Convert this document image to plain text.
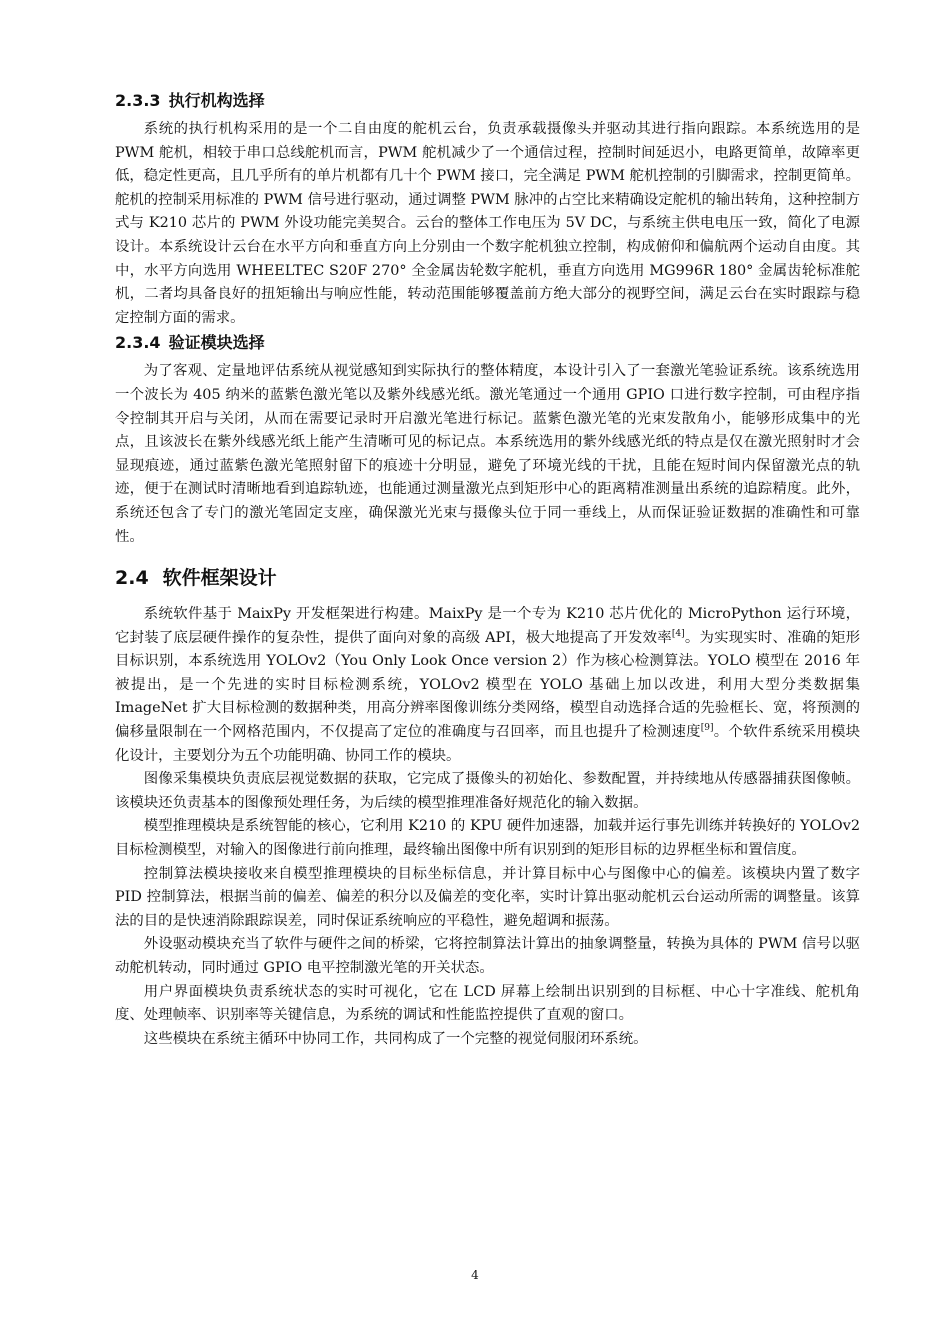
2.3.3 执行机构选择

系统的执行机构采用的是一个二自由度的舵机云台，负责承载摄像头并驱动其进行指向跟踪。本系统选用的是 PWM 舵机，相较于串口总线舵机而言，PWM 舵机减少了一个通信过程，控制时间延迟小，电路更简单，故障率更低，稳定性更高，且几乎所有的单片机都有几十个 PWM 接口，完全满足 PWM 舵机控制的引脚需求，控制更简单。舵机的控制采用标准的 PWM 信号进行驱动，通过调整 PWM 脉冲的占空比来精确设定舵机的输出转角，这种控制方式与 K210 芯片的 PWM 外设功能完美契合。云台的整体工作电压为 5V DC，与系统主供电电压一致，简化了电源设计。本系统设计云台在水平方向和垂直方向上分别由一个数字舵机独立控制，构成俯仰和偏航两个运动自由度。其中，水平方向选用 WHEELTEC S20F 270° 全金属齿轮数字舵机，垂直方向选用 MG996R 180° 金属齿轮标准舵机，二者均具备良好的扭矩输出与响应性能，转动范围能够覆盖前方绝大部分的视野空间，满足云台在实时跟踪与稳定控制方面的需求。

2.3.4 验证模块选择

为了客观、定量地评估系统从视觉感知到实际执行的整体精度，本设计引入了一套激光笔验证系统。该系统选用一个波长为 405 纳米的蓝紫色激光笔以及紫外线感光纸。激光笔通过一个通用 GPIO 口进行数字控制，可由程序指令控制其开启与关闭，从而在需要记录时开启激光笔进行标记。蓝紫色激光笔的光束发散角小，能够形成集中的光点，且该波长在紫外线感光纸上能产生清晰可见的标记点。本系统选用的紫外线感光纸的特点是仅在激光照射时才会显现痕迹，通过蓝紫色激光笔照射留下的痕迹十分明显，避免了环境光线的干扰，且能在短时间内保留激光点的轨迹，便于在测试时清晰地看到追踪轨迹，也能通过测量激光点到矩形中心的距离精准测量出系统的追踪精度。此外，系统还包含了专门的激光笔固定支座，确保激光光束与摄像头位于同一垂线上，从而保证验证数据的准确性和可靠性。

2.4 软件框架设计

系统软件基于 MaixPy 开发框架进行构建。MaixPy 是一个专为 K210 芯片优化的 MicroPython 运行环境，它封装了底层硬件操作的复杂性，提供了面向对象的高级 API，极大地提高了开发效率[4]。为实现实时、准确的矩形目标识别，本系统选用 YOLOv2（You Only Look Once version 2）作为核心检测算法。YOLO 模型在 2016 年被提出，是一个先进的实时目标检测系统，YOLOv2 模型在 YOLO 基础上加以改进，利用大型分类数据集 ImageNet 扩大目标检测的数据种类，用高分辨率图像训练分类网络，模型自动选择合适的先验框长、宽，将预测的偏移量限制在一个网格范围内，不仅提高了定位的准确度与召回率，而且也提升了检测速度[9]。个软件系统采用模块化设计，主要划分为五个功能明确、协同工作的模块。

图像采集模块负责底层视觉数据的获取，它完成了摄像头的初始化、参数配置，并持续地从传感器捕获图像帧。该模块还负责基本的图像预处理任务，为后续的模型推理准备好规范化的输入数据。

模型推理模块是系统智能的核心，它利用 K210 的 KPU 硬件加速器，加载并运行事先训练并转换好的 YOLOv2 目标检测模型，对输入的图像进行前向推理，最终输出图像中所有识别到的矩形目标的边界框坐标和置信度。

控制算法模块接收来自模型推理模块的目标坐标信息，并计算目标中心与图像中心的偏差。该模块内置了数字 PID 控制算法，根据当前的偏差、偏差的积分以及偏差的变化率，实时计算出驱动舵机云台运动所需的调整量。该算法的目的是快速消除跟踪误差，同时保证系统响应的平稳性，避免超调和振荡。

外设驱动模块充当了软件与硬件之间的桥梁，它将控制算法计算出的抽象调整量，转换为具体的 PWM 信号以驱动舵机转动，同时通过 GPIO 电平控制激光笔的开关状态。

用户界面模块负责系统状态的实时可视化，它在 LCD 屏幕上绘制出识别到的目标框、中心十字准线、舵机角度、处理帧率、识别率等关键信息，为系统的调试和性能监控提供了直观的窗口。

这些模块在系统主循环中协同工作，共同构成了一个完整的视觉伺服闭环系统。

4
